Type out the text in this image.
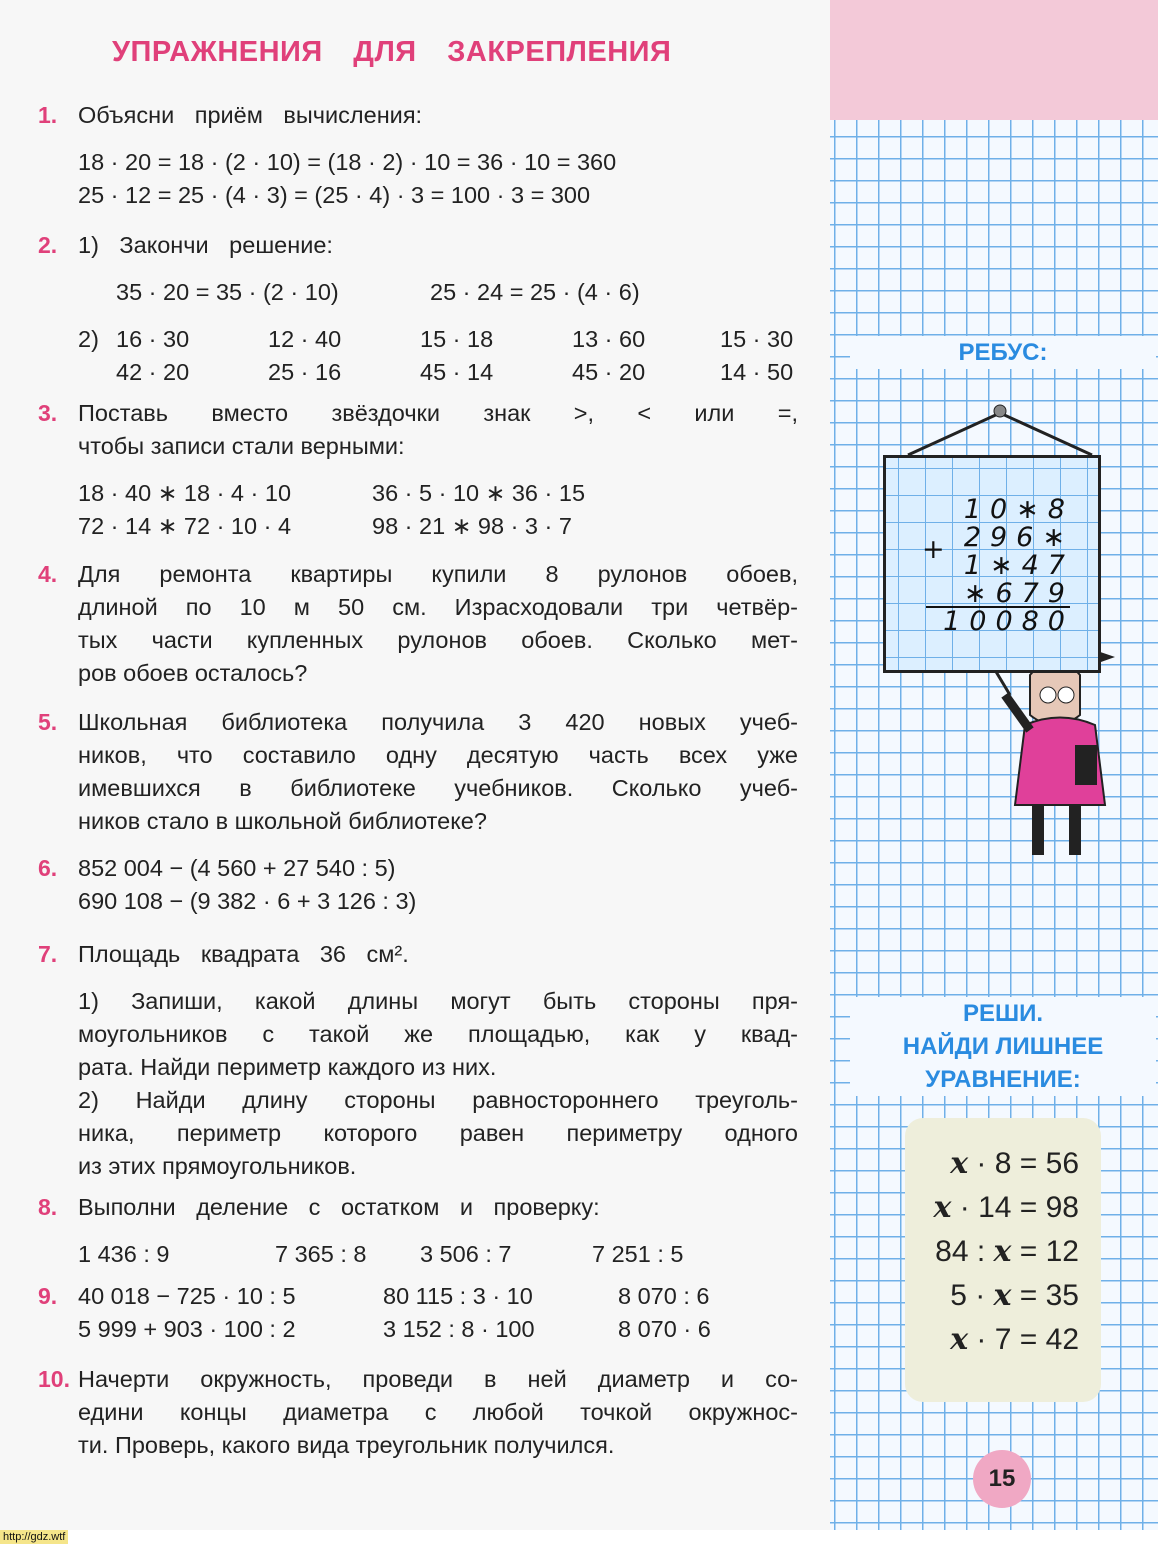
УПРАЖНЕНИЯ ДЛЯ ЗАКРЕПЛЕНИЯ
1. Объясни приём вычисления:
18 · 20 = 18 · (2 · 10) = (18 · 2) · 10 = 36 · 10 = 360
25 · 12 = 25 · (4 · 3) = (25 · 4) · 3 = 100 · 3 = 300
2. 1) Закончи решение:
35 · 20 = 35 · (2 · 10)	25 · 24 = 25 · (4 · 6)
2) 16 · 30	12 · 40	15 · 18	13 · 60	15 · 30
42 · 20	25 · 16	45 · 14	45 · 20	14 · 50
3. Поставь вместо звёздочки знак >, < или =,
чтобы записи стали верными:
18 · 40 ∗ 18 · 4 · 10	36 · 5 · 10 ∗ 36 · 15
72 · 14 ∗ 72 · 10 · 4	98 · 21 ∗ 98 · 3 · 7
4. Для ремонта квартиры купили 8 рулонов обоев,
длиной по 10 м 50 см. Израсходовали три четвёр-
тых части купленных рулонов обоев. Сколько мет-
ров обоев осталось?
5. Школьная библиотека получила 3 420 новых учеб-
ников, что составило одну десятую часть всех уже
имевшихся в библиотеке учебников. Сколько учеб-
ников стало в школьной библиотеке?
6. 852 004 − (4 560 + 27 540 : 5)
690 108 − (9 382 · 6 + 3 126 : 3)
7. Площадь квадрата 36 см².
1) Запиши, какой длины могут быть стороны пря-
моугольников с такой же площадью, как у квад-
рата. Найди периметр каждого из них.
2) Найди длину стороны равностороннего треуголь-
ника, периметр которого равен периметру одного
из этих прямоугольников.
8. Выполни деление с остатком и проверку:
1 436 : 9	7 365 : 8 3 506 : 7	7 251 : 5
9. 40 018 − 725 · 10 : 5	80 115 : 3 · 10	8 070 : 6
5 999 + 903 · 100 : 2	3 152 : 8 · 100	8 070 · 6
10. Начерти окружность, проведи в ней диаметр и со-
едини концы диаметра с любой точкой окружнос-
ти. Проверь, какого вида треугольник получился.
РЕБУС:
10∗8
296∗
1∗47
∗679
10080
+
РЕШИ.
НАЙДИ ЛИШНЕЕ
УРАВНЕНИЕ:
x · 8 = 56
x · 14 = 98
84 : x = 12
5 · x = 35
x · 7 = 42
15
http://gdz.wtf
